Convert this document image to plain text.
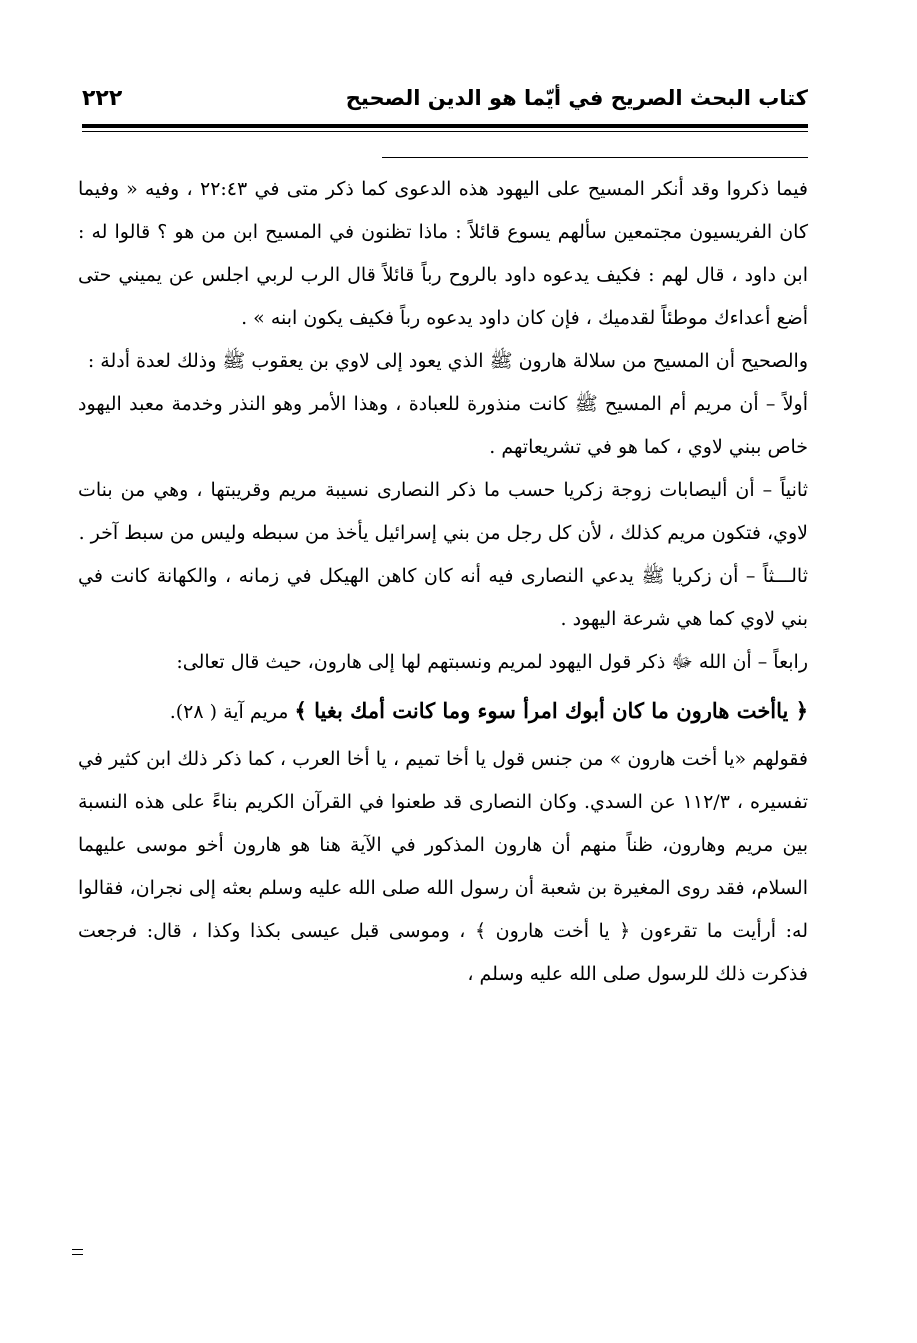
كتاب البحث الصريح في أيّما هو الدين الصحيح
٢٢٢

فيما ذكروا وقد أنكر المسيح على اليهود هذه الدعوى كما ذكر متى في ٢٢:٤٣ ، وفيه « وفيما كان الفريسيون مجتمعين سألهم يسوع قائلاً : ماذا تظنون في المسيح ابن من هو ؟ قالوا له : ابن داود ، قال لهم : فكيف يدعوه داود بالروح رباً قائلاً قال الرب لربي اجلس عن يميني حتى أضع أعداءك موطئاً لقدميك ، فإن كان داود يدعوه رباً فكيف يكون ابنه » .

والصحيح أن المسيح من سلالة هارون ﷺ الذي يعود إلى لاوي بن يعقوب ﷺ وذلك لعدة أدلة :

أولاً – أن مريم أم المسيح ﷺ كانت منذورة للعبادة ، وهذا الأمر وهو النذر وخدمة معبد اليهود خاص ببني لاوي ، كما هو في تشريعاتهم .

ثانياً – أن أليصابات زوجة زكريا حسب ما ذكر النصارى نسيبة مريم وقريبتها ، وهي من بنات لاوي، فتكون مريم كذلك ، لأن كل رجل من بني إسرائيل يأخذ من سبطه وليس من سبط آخر .

ثالـــثاً – أن زكريا ﷺ يدعي النصارى فيه أنه كان كاهن الهيكل في زمانه ، والكهانة كانت في بني لاوي كما هي شرعة اليهود .

رابعاً – أن الله ﷻ ذكر قول اليهود لمريم ونسبتهم لها إلى هارون، حيث قال تعالى:

﴿ ياأخت هارون ما كان أبوك امرأ سوء وما كانت أمك بغيا ﴾ مريم آية ( ٢٨).

فقولهم «يا أخت هارون » من جنس قول يا أخا تميم ، يا أخا العرب ، كما ذكر ذلك ابن كثير في تفسيره ، ١١٢/٣ عن السدي. وكان النصارى قد طعنوا في القرآن الكريم بناءً على هذه النسبة بين مريم وهارون، ظناً منهم أن هارون المذكور في الآية هنا هو هارون أخو موسى عليهما السلام، فقد روى المغيرة بن شعبة أن رسول الله صلى الله عليه وسلم بعثه إلى نجران، فقالوا له: أرأيت ما تقرءون ﴿ يا أخت هارون ﴾ ، وموسى قبل عيسى بكذا وكذا ، قال: فرجعت فذكرت ذلك للرسول صلى الله عليه وسلم ،
